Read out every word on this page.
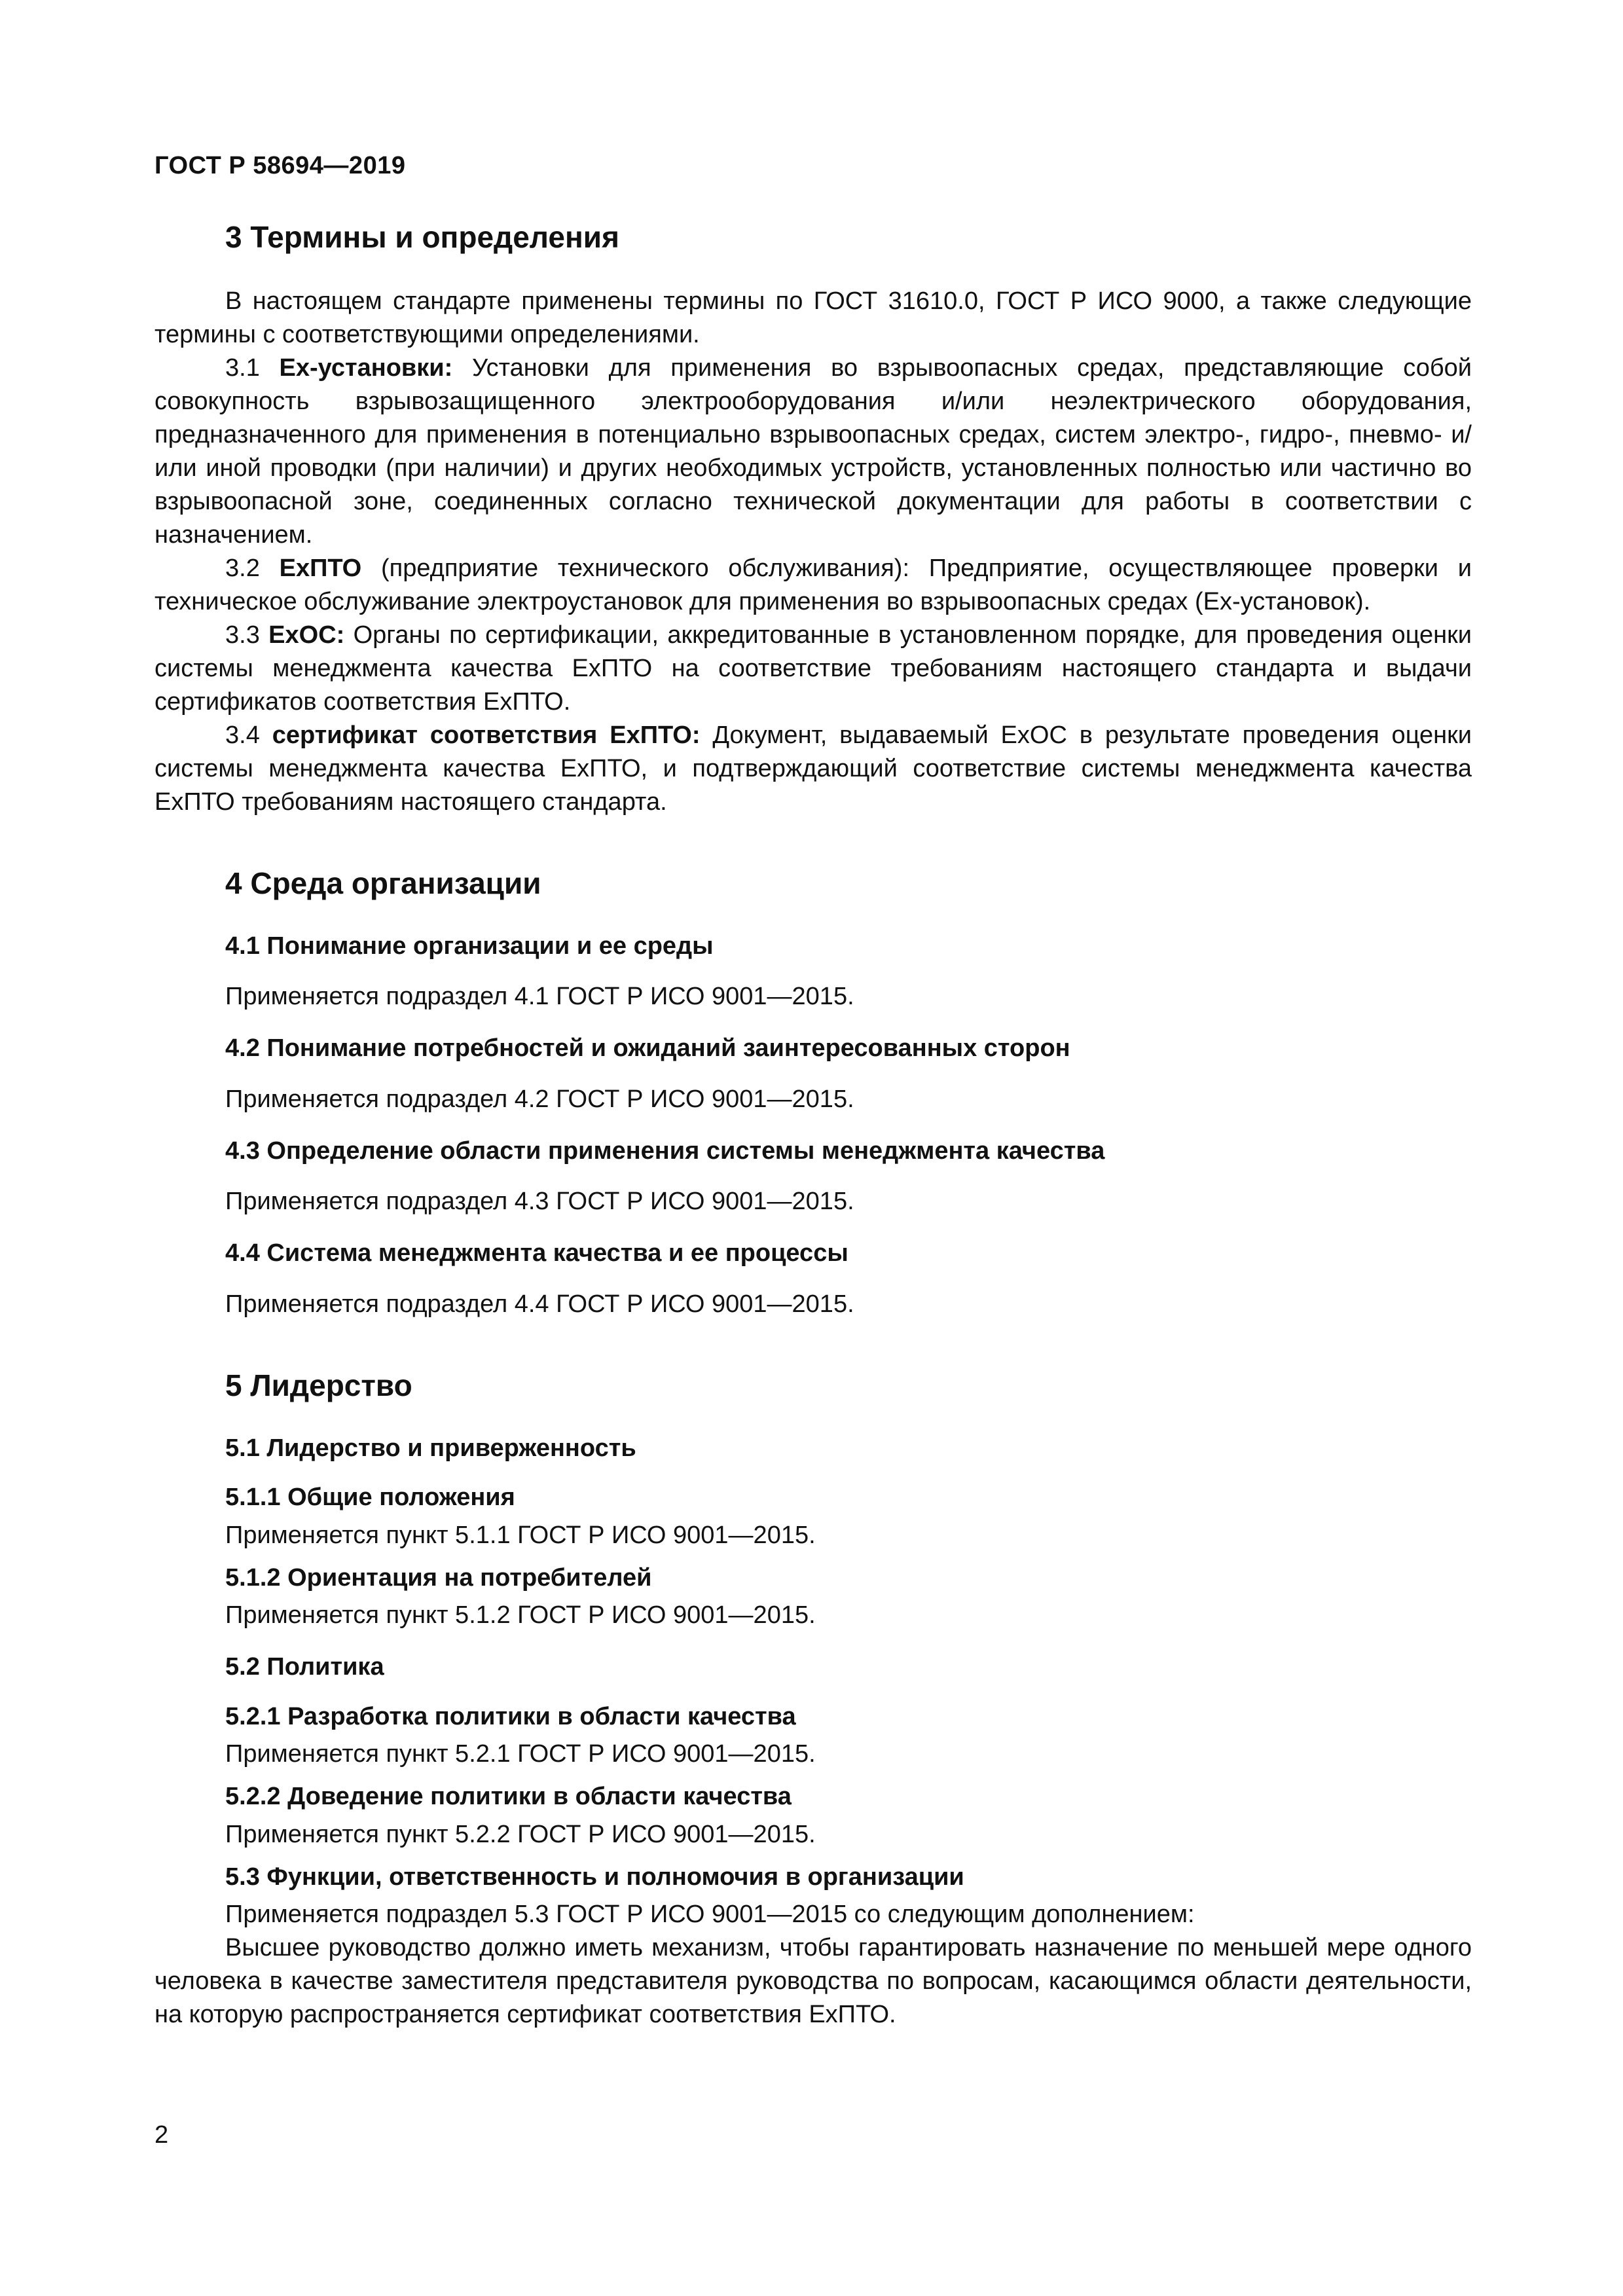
ГОСТ Р 58694—2019
3 Термины и определения

В настоящем стандарте применены термины по ГОСТ 31610.0, ГОСТ Р ИСО 9000, а также следующие термины с соответствующими определениями.

3.1 Ex-установки: Установки для применения во взрывоопасных средах, представляющие собой совокупность взрывозащищенного электрооборудования и/или неэлектрического оборудования, предназначенного для применения в потенциально взрывоопасных средах, систем электро-, гидро-, пневмо- и/или иной проводки (при наличии) и других необходимых устройств, установленных полностью или частично во взрывоопасной зоне, соединенных согласно технической документации для работы в соответствии с назначением.

3.2 ExПТО (предприятие технического обслуживания): Предприятие, осуществляющее проверки и техническое обслуживание электроустановок для применения во взрывоопасных средах (Ex-установок).

3.3 ExOC: Органы по сертификации, аккредитованные в установленном порядке, для проведения оценки системы менеджмента качества ExПТО на соответствие требованиям настоящего стандарта и выдачи сертификатов соответствия ExПТО.

3.4 сертификат соответствия ExПТО: Документ, выдаваемый ExOC в результате проведения оценки системы менеджмента качества ExПТО, и подтверждающий соответствие системы менеджмента качества ExПТО требованиям настоящего стандарта.

4 Среда организации
4.1 Понимание организации и ее среды
Применяется подраздел 4.1 ГОСТ Р ИСО 9001—2015.
4.2 Понимание потребностей и ожиданий заинтересованных сторон
Применяется подраздел 4.2 ГОСТ Р ИСО 9001—2015.
4.3 Определение области применения системы менеджмента качества
Применяется подраздел 4.3 ГОСТ Р ИСО 9001—2015.
4.4 Система менеджмента качества и ее процессы
Применяется подраздел 4.4 ГОСТ Р ИСО 9001—2015.
5 Лидерство
5.1 Лидерство и приверженность
5.1.1 Общие положения
Применяется пункт 5.1.1 ГОСТ Р ИСО 9001—2015.
5.1.2 Ориентация на потребителей
Применяется пункт 5.1.2 ГОСТ Р ИСО 9001—2015.
5.2 Политика
5.2.1 Разработка политики в области качества
Применяется пункт 5.2.1 ГОСТ Р ИСО 9001—2015.
5.2.2 Доведение политики в области качества
Применяется пункт 5.2.2 ГОСТ Р ИСО 9001—2015.
5.3 Функции, ответственность и полномочия в организации
Применяется подраздел 5.3 ГОСТ Р ИСО 9001—2015 со следующим дополнением:

Высшее руководство должно иметь механизм, чтобы гарантировать назначение по меньшей мере одного человека в качестве заместителя представителя руководства по вопросам, касающимся области деятельности, на которую распространяется сертификат соответствия ExПТО.

2
